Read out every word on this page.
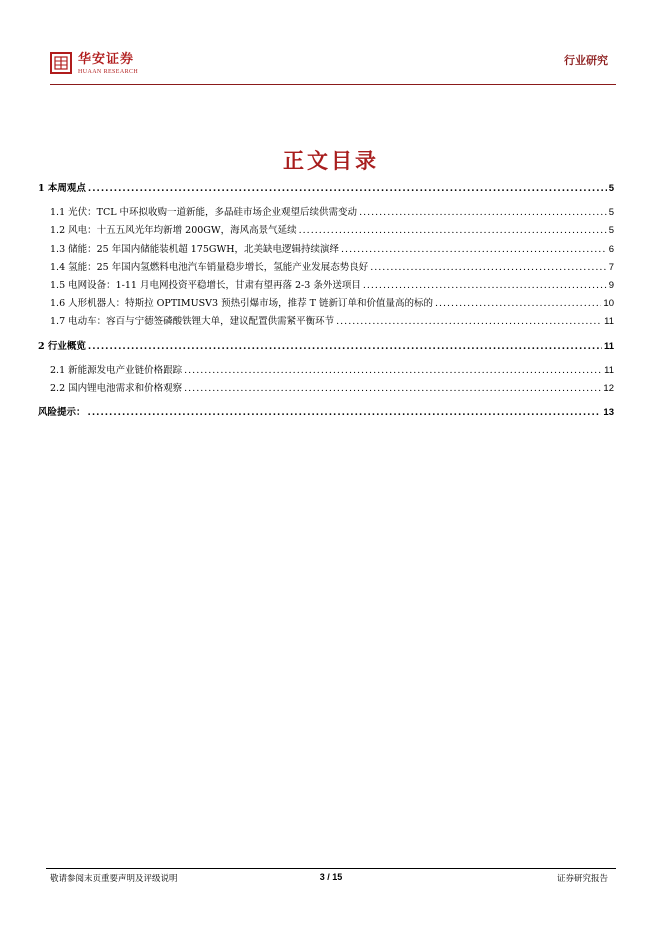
华安证券
HUAAN RESEARCH
行业研究
正文目录
1 本周观点 .....	5
1.1 光伏：TCL 中环拟收购一道新能，多晶硅市场企业观望后续供需变动 .....	5
1.2 风电：十五五风光年均新增 200GW，海风高景气延续 .....	5
1.3 储能：25 年国内储能装机超 175GWH，北美缺电逻辑持续演绎 .....	6
1.4 氢能：25 年国内氢燃料电池汽车销量稳步增长，氢能产业发展态势良好 .....	7
1.5 电网设备：1-11 月电网投资平稳增长，甘肃有望再落 2-3 条外送项目 .....	9
1.6 人形机器人：特斯拉 OPTIMUSV3 预热引爆市场，推荐 T 链新订单和价值量高的标的 .....	10
1.7 电动车：容百与宁德签磷酸铁锂大单，建议配置供需紧平衡环节 .....	11
2 行业概览 .....	11
2.1 新能源发电产业链价格跟踪 .....	11
2.2 国内锂电池需求和价格观察 .....	12
风险提示： .....	13
敬请参阅末页重要声明及评级说明	3 / 15	证券研究报告
